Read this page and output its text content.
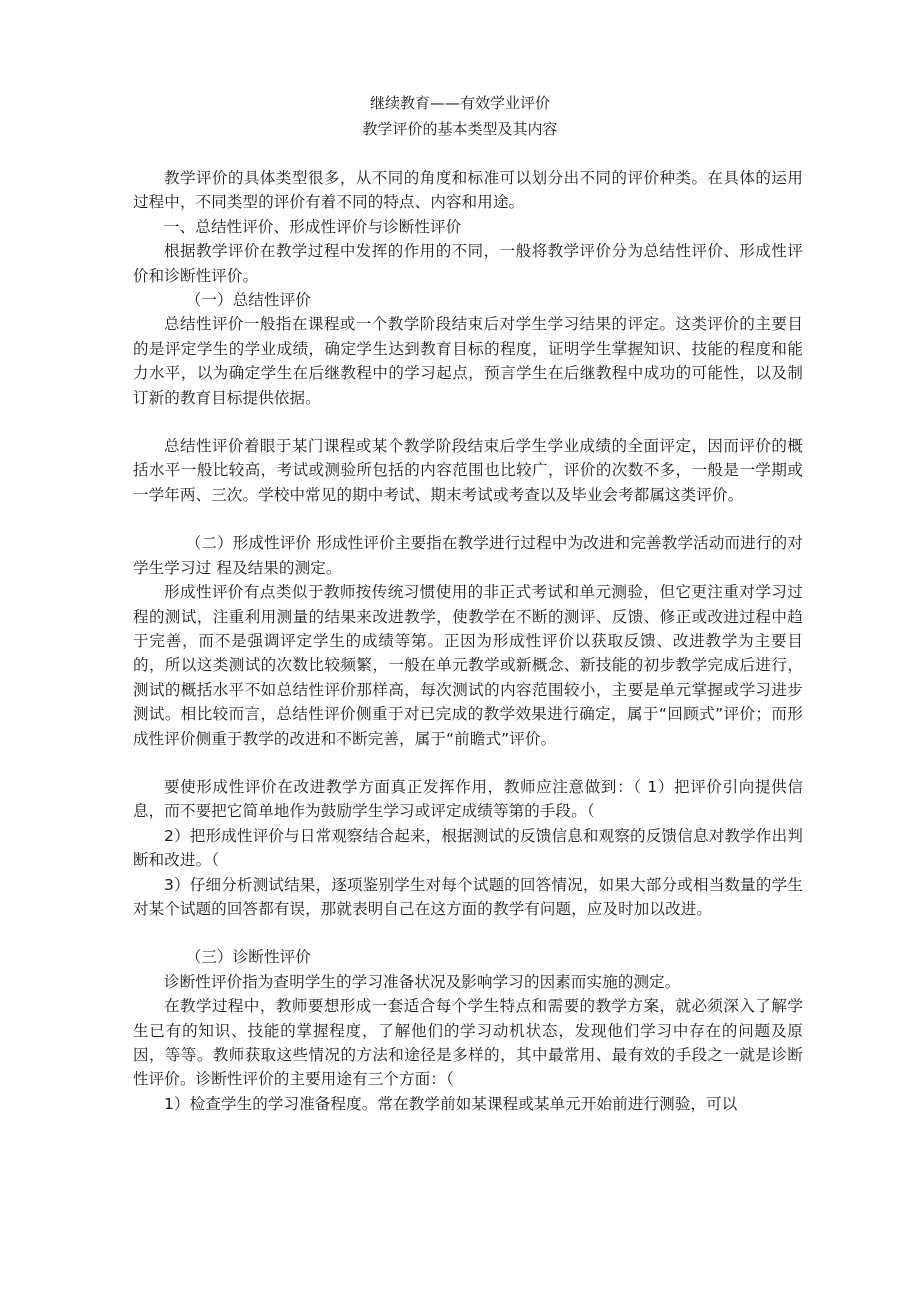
继续教育——有效学业评价
教学评价的基本类型及其内容

教学评价的具体类型很多，从不同的角度和标准可以划分出不同的评价种类。在具体的运用过程中，不同类型的评价有着不同的特点、内容和用途。

一、总结性评价、形成性评价与诊断性评价

根据教学评价在教学过程中发挥的作用的不同，一般将教学评价分为总结性评价、形成性评价和诊断性评价。

（一）总结性评价

总结性评价一般指在课程或一个教学阶段结束后对学生学习结果的评定。这类评价的主要目的是评定学生的学业成绩，确定学生达到教育目标的程度，证明学生掌握知识、技能的程度和能力水平，以为确定学生在后继教程中的学习起点，预言学生在后继教程中成功的可能性，以及制订新的教育目标提供依据。

总结性评价着眼于某门课程或某个教学阶段结束后学生学业成绩的全面评定，因而评价的概括水平一般比较高，考试或测验所包括的内容范围也比较广，评价的次数不多，一般是一学期或一学年两、三次。学校中常见的期中考试、期末考试或考查以及毕业会考都属这类评价。

（二）形成性评价 形成性评价主要指在教学进行过程中为改进和完善教学活动而进行的对学生学习过 程及结果的测定。

形成性评价有点类似于教师按传统习惯使用的非正式考试和单元测验，但它更注重对学习过程的测试，注重利用测量的结果来改进教学，使教学在不断的测评、反馈、修正或改进过程中趋于完善，而不是强调评定学生的成绩等第。正因为形成性评价以获取反馈、改进教学为主要目的，所以这类测试的次数比较频繁，一般在单元教学或新概念、新技能的初步教学完成后进行，测试的概括水平不如总结性评价那样高，每次测试的内容范围较小，主要是单元掌握或学习进步测试。相比较而言，总结性评价侧重于对已完成的教学效果进行确定，属于“回顾式”评价；而形成性评价侧重于教学的改进和不断完善，属于“前瞻式”评价。

要使形成性评价在改进教学方面真正发挥作用，教师应注意做到：（ 1）把评价引向提供信息，而不要把它简单地作为鼓励学生学习或评定成绩等第的手段。（

2）把形成性评价与日常观察结合起来，根据测试的反馈信息和观察的反馈信息对教学作出判断和改进。（

3）仔细分析测试结果，逐项鉴别学生对每个试题的回答情况，如果大部分或相当数量的学生对某个试题的回答都有误，那就表明自己在这方面的教学有问题，应及时加以改进。

（三）诊断性评价

诊断性评价指为查明学生的学习准备状况及影响学习的因素而实施的测定。

在教学过程中，教师要想形成一套适合每个学生特点和需要的教学方案，就必须深入了解学生已有的知识、技能的掌握程度，了解他们的学习动机状态，发现他们学习中存在的问题及原因，等等。教师获取这些情况的方法和途径是多样的，其中最常用、最有效的手段之一就是诊断性评价。诊断性评价的主要用途有三个方面：（

1）检查学生的学习准备程度。常在教学前如某课程或某单元开始前进行测验，可以
